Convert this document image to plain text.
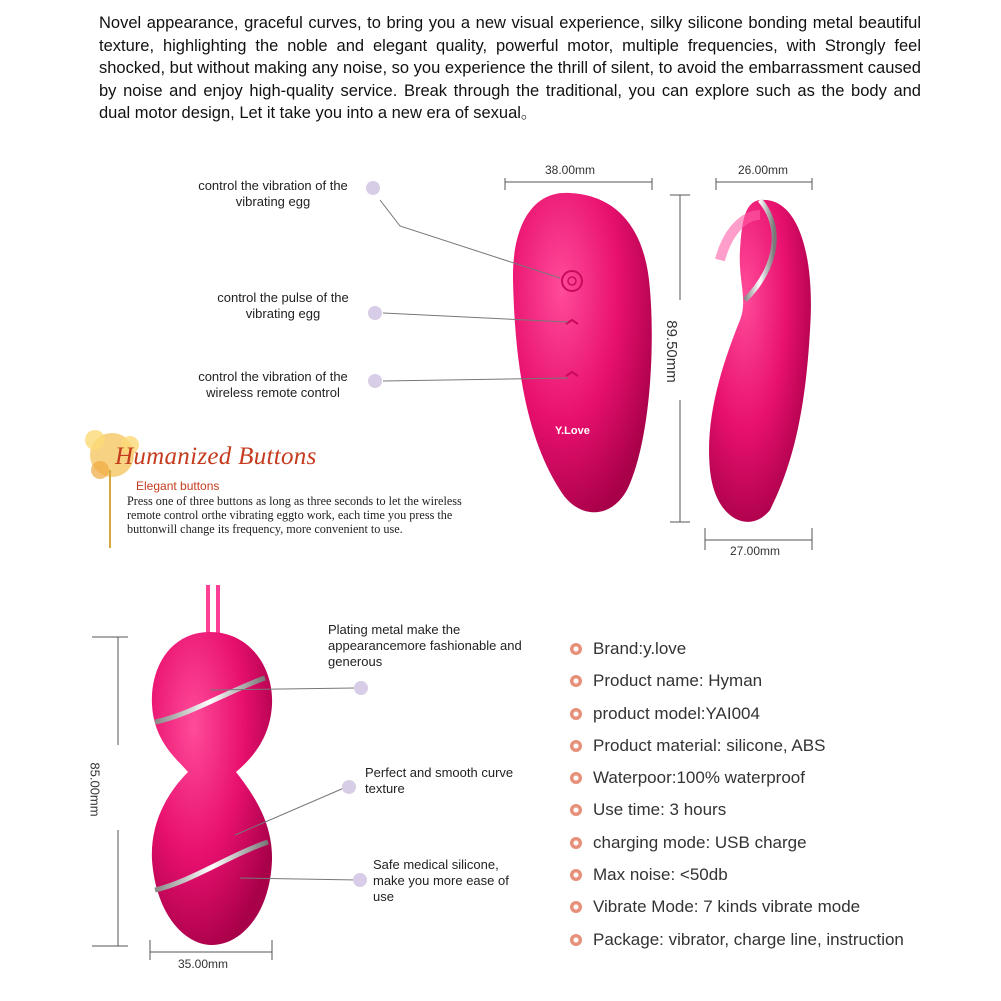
Novel appearance, graceful curves, to bring you a new visual experience, silky silicone bonding metal beautiful texture, highlighting the noble and elegant quality, powerful motor, multiple frequencies, with Strongly feel shocked, but without making any noise, so you experience the thrill of silent, to avoid the embarrassment caused by noise and enjoy high-quality service. Break through the traditional, you can explore such as the body and dual motor design, Let it take you into a new era of sexual。
control the vibration of the vibrating egg
control the pulse of the vibrating egg
control the vibration of the wireless remote control
38.00mm	26.00mm
27.00mm
89.50mm
Y.Love
Humanized Buttons
Elegant buttons
Press one of three buttons as long as three seconds to let the wireless remote control orthe vibrating eggto work, each time you press the buttonwill change its frequency, more convenient to use.
Plating metal make the appearancemore fashionable and generous
Perfect and smooth curve texture
Safe medical silicone, make you more ease of use
85.00mm
35.00mm
Brand:y.love
Product name: Hyman
product model:YAI004
Product material: silicone, ABS
Waterpoor:100% waterproof
Use time: 3 hours
charging mode: USB charge
Max noise: <50db
Vibrate Mode: 7 kinds vibrate mode
Package: vibrator, charge line, instruction
